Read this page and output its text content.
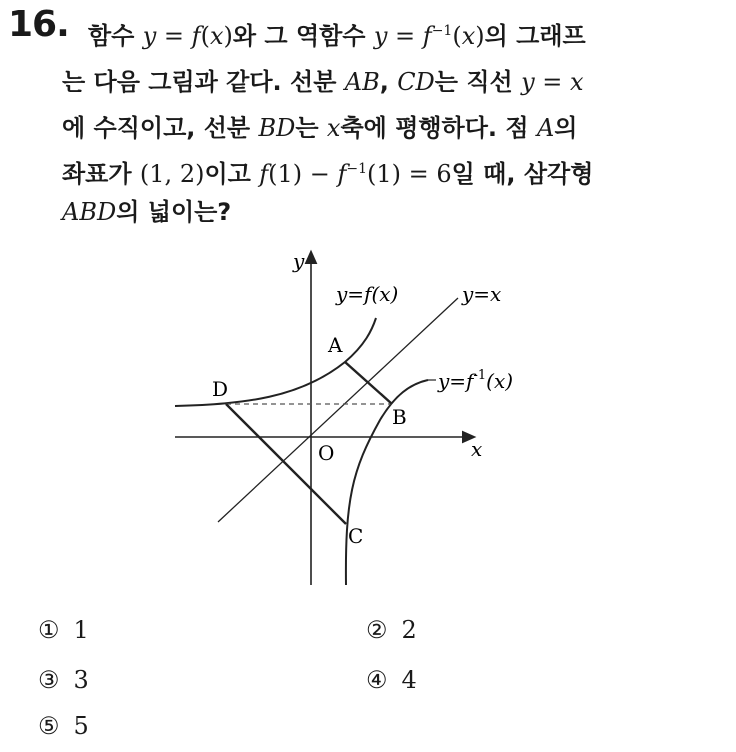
16. 함수 y = f(x)와 그 역함수 $y = f^{-1}(x)$의 그래프
는 다음 그림과 같다. 선분 AB, CD는 직선 y = x
에 수직이고, 선분 BD는 x축에 평행하다. 점 A의
좌표가 (1, 2)이고 $f(1) - f^{-1}(1) = 6$일 때, 삼각형
ABD의 넓이는?
y
x
O
y=f(x)	y=x
$y=f^{-1}(x)$
A
B
C
D
① 1	② 2
③ 3	④ 4
⑤ 5
